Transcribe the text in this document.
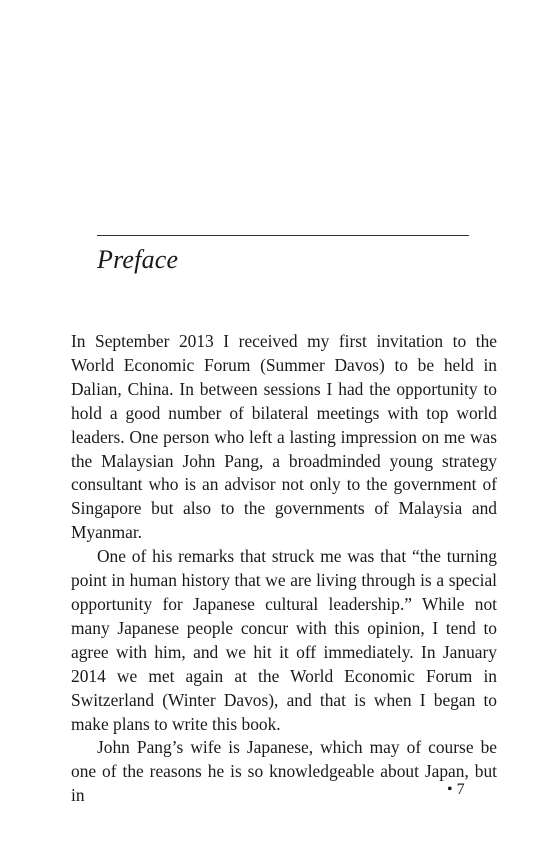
Preface

In September 2013 I received my first invitation to the World Economic Forum (Summer Davos) to be held in Dalian, China. In between sessions I had the opportunity to hold a good number of bilateral meetings with top world leaders. One person who left a lasting impression on me was the Malaysian John Pang, a broadminded young strategy consultant who is an advisor not only to the government of Singapore but also to the governments of Malaysia and Myanmar.

One of his remarks that struck me was that “the turning point in human history that we are living through is a special opportunity for Japanese cultural leadership.” While not many Japanese people concur with this opinion, I tend to agree with him, and we hit it off immediately. In January 2014 we met again at the World Economic Forum in Switzerland (Winter Davos), and that is when I began to make plans to write this book.

John Pang’s wife is Japanese, which may of course be one of the reasons he is so knowledgeable about Japan, but in	• 7
